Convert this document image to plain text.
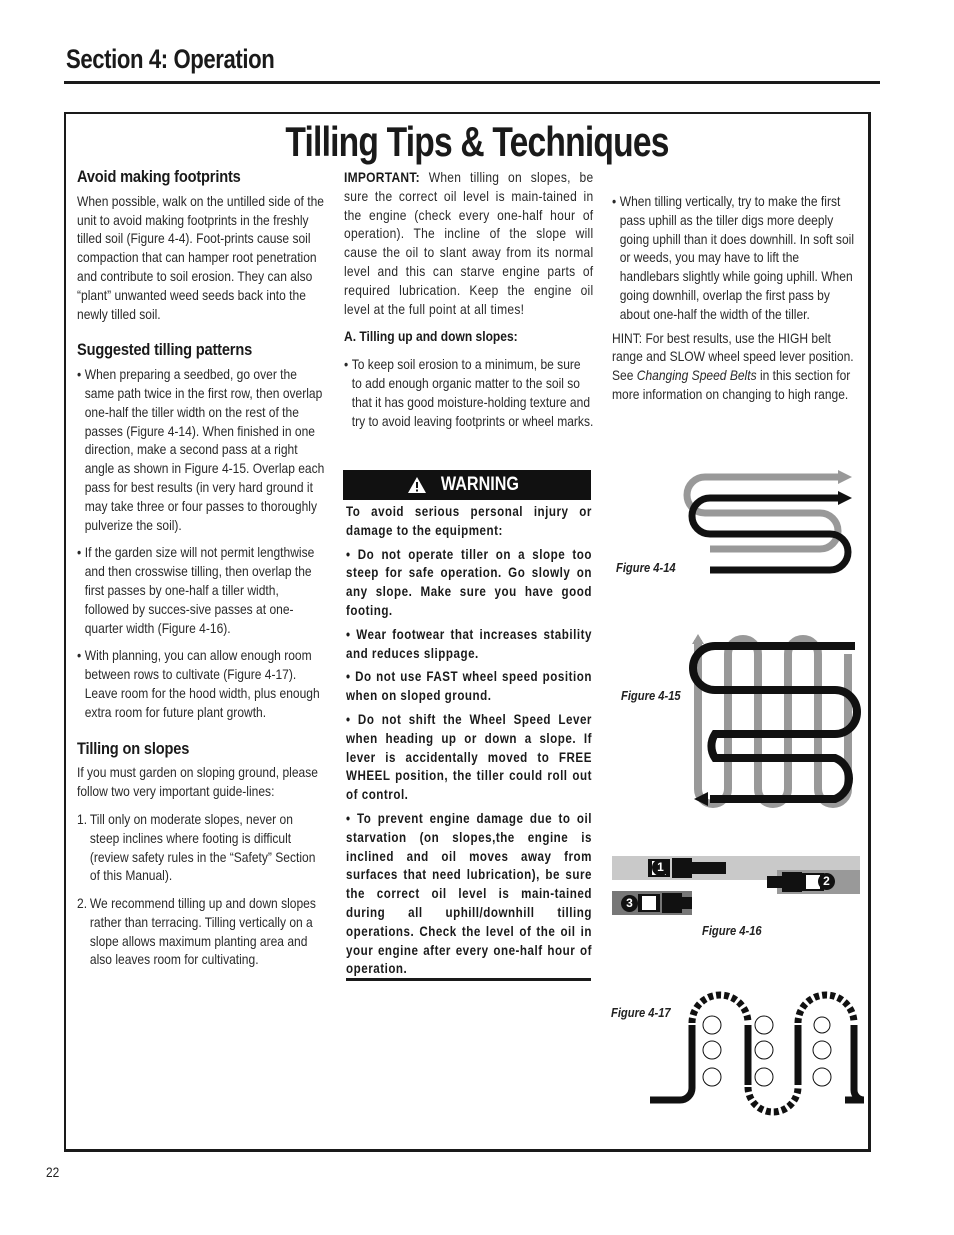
Section 4: Operation
Tilling Tips & Techniques
Avoid making footprints

When possible, walk on the untilled side of the unit to avoid making footprints in the freshly tilled soil (Figure 4-4). Foot-prints cause soil compaction that can hamper root penetration and contribute to soil erosion. They can also “plant” unwanted weed seeds back into the newly tilled soil.

Suggested tilling patterns
• When preparing a seedbed, go over the same path twice in the first row, then overlap one-half the tiller width on the rest of the passes (Figure 4-14). When finished in one direction, make a second pass at a right angle as shown in Figure 4-15. Overlap each pass for best results (in very hard ground it may take three or four passes to thoroughly pulverize the soil).
• If the garden size will not permit lengthwise and then crosswise tilling, then overlap the first passes by one-half a tiller width, followed by succes-sive passes at one-quarter width (Figure 4-16).
• With planning, you can allow enough room between rows to cultivate (Figure 4-17). Leave room for the hood width, plus enough extra room for future plant growth.
Tilling on slopes

If you must garden on sloping ground, please follow two very important guide-lines:

1. Till only on moderate slopes, never on steep inclines where footing is difficult (review safety rules in the “Safety” Section of this Manual).
2. We recommend tilling up and down slopes rather than terracing. Tilling vertically on a slope allows maximum planting area and also leaves room for cultivating.

IMPORTANT: When tilling on slopes, be sure the correct oil level is main-tained in the engine (check every one-half hour of operation). The incline of the slope will cause the oil to slant away from its normal level and this can starve engine parts of required lubrication. Keep the engine oil level at the full point at all times!

A. Tilling up and down slopes:

• To keep soil erosion to a minimum, be sure to add enough organic matter to the soil so that it has good moisture-holding texture and try to avoid leaving footprints or wheel marks.
WARNING

To avoid serious personal injury or damage to the equipment:

• Do not operate tiller on a slope too steep for safe operation. Go slowly on any slope. Make sure you have good footing.

• Wear footwear that increases stability and reduces slippage.

• Do not use FAST wheel speed position when on sloped ground.

• Do not shift the Wheel Speed Lever when heading up or down a slope. If lever is accidentally moved to FREE WHEEL position, the tiller could roll out of control.

• To prevent engine damage due to oil starvation (on slopes,the engine is inclined and oil moves away from surfaces that need lubrication), be sure the correct oil level is main-tained during all uphill/downhill tilling operations. Check the level of the oil in your engine after every one-half hour of operation.

• When tilling vertically, try to make the first pass uphill as the tiller digs more deeply going uphill than it does downhill. In soft soil or weeds, you may have to lift the handlebars slightly while going uphill. When going downhill, overlap the first pass by about one-half the width of the tiller.

HINT: For best results, use the HIGH belt range and SLOW wheel speed lever position. See Changing Speed Belts in this section for more information on changing to high range.

Figure 4-14
Figure 4-15
1
2
3
Figure 4-16
Figure 4-17
22
